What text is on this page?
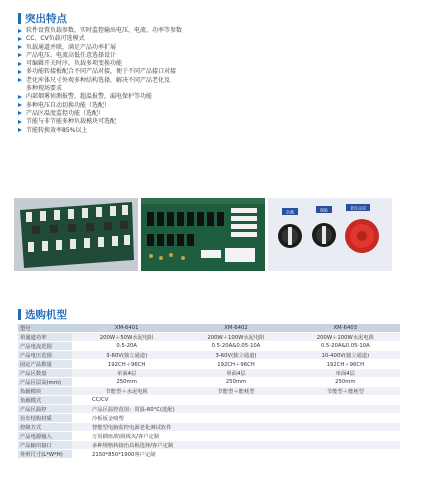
突出特点
软件设置负载参数，实时监控输出电压、电流、功率等参数
CC、CV负载可选模式
负载通道并联，满足产品功率扩展
产品电压、电流高低任意选择设计
可编辑开关时序，负载多项变换功能
多功能转接板配合不同产品对接，便于不同产品接口对接
老化库体尺寸外观多种结构选择，解决不同产品老化及
多种现场要求
内部烟雾侦测报警，超温报警，漏电保护等功能
多种电压自动切换功能（选配）
产品区温度监控功能（选配）
节能与非节能多种负载模块可选配
节能转换效率85%以上
负载	保险	老化完成
选购机型
型号	XM-6401	XM-6402	XM-6403
单通道功率	200W＋50W水泥电阻	200W＋100W水泥电阻	200W＋100W水泥电阻
产品电流范围	0.5-20A	0.5-20A&0.05-10A	0.5-20A&0.05-10A
产品电压范围	3-60V(独立通道)	3-60V(独立通道)	10-400V(独立通道)
固定产品数量	192CH＋96CH	192CH＋96CH	192CH＋96CH
产品区数量	单面4层	单面4层	单面4层
产品区层高(mm)	250mm	250mm	250mm
负载模块	节能型＋水泥电阻	节能型＋能耗型	节能型＋能耗型
负载模式	CC/CV		
产品区温控	产品区温控范围：常温-60°C(选配)		
台车结构材质	冷板钣金喷塑		
控制方式	智能型电脑监控电源老化测试软件		
产品电源输入	万用插座/防脱线夹/客户定制		
产品输出接口	多种规格转接治具板选择/客户定制		
外形尺寸(L*W*H)	2150*850*1900客户定制		
